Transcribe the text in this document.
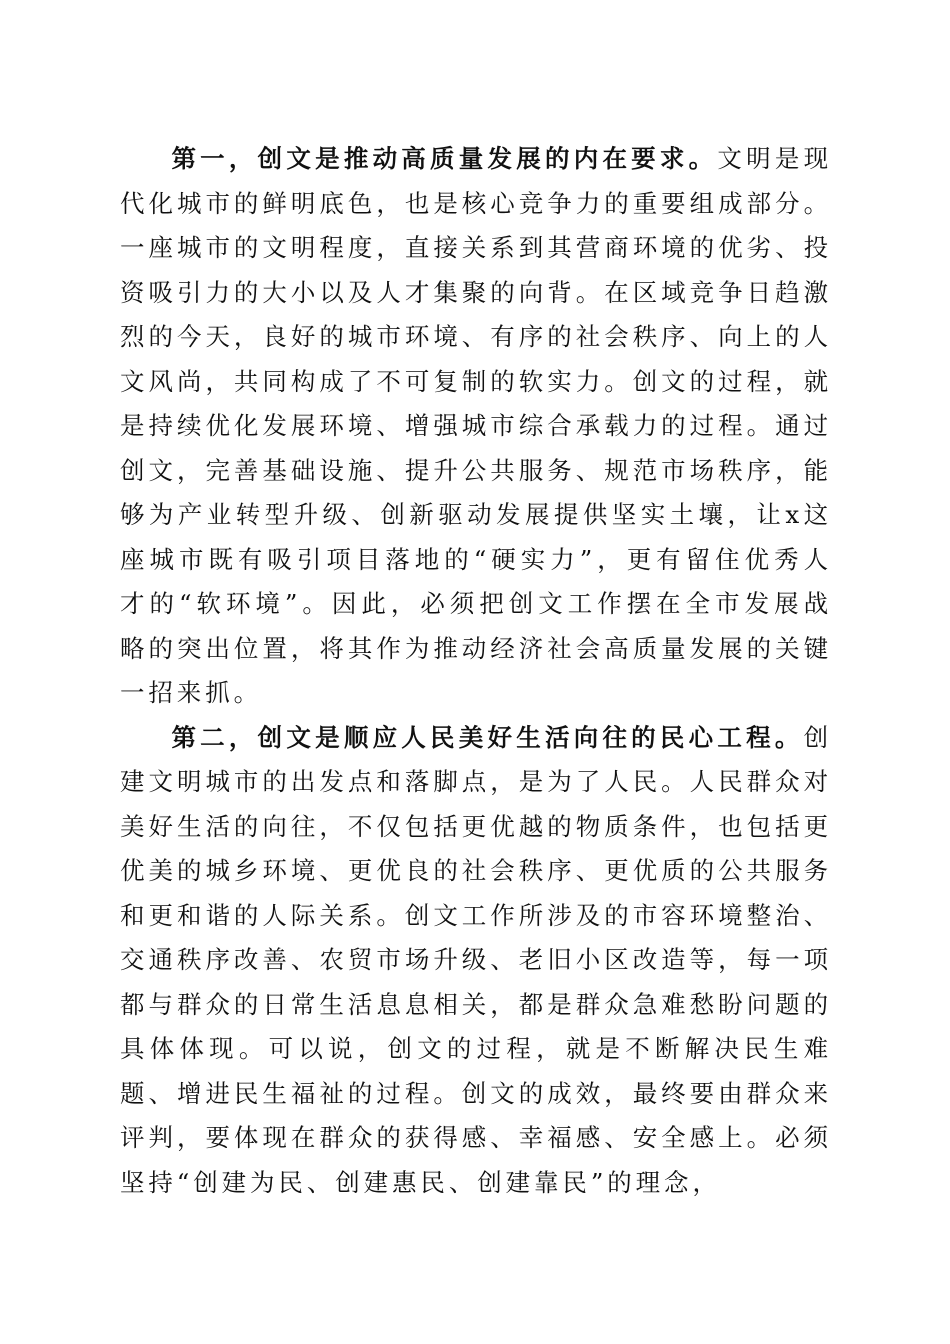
第一，创文是推动高质量发展的内在要求。文明是现代化城市的鲜明底色，也是核心竞争力的重要组成部分。一座城市的文明程度，直接关系到其营商环境的优劣、投资吸引力的大小以及人才集聚的向背。在区域竞争日趋激烈的今天，良好的城市环境、有序的社会秩序、向上的人文风尚，共同构成了不可复制的软实力。创文的过程，就是持续优化发展环境、增强城市综合承载力的过程。通过创文，完善基础设施、提升公共服务、规范市场秩序，能够为产业转型升级、创新驱动发展提供坚实土壤，让x这座城市既有吸引项目落地的“硬实力”，更有留住优秀人才的“软环境”。因此，必须把创文工作摆在全市发展战略的突出位置，将其作为推动经济社会高质量发展的关键一招来抓。

第二，创文是顺应人民美好生活向往的民心工程。创建文明城市的出发点和落脚点，是为了人民。人民群众对美好生活的向往，不仅包括更优越的物质条件，也包括更优美的城乡环境、更优良的社会秩序、更优质的公共服务和更和谐的人际关系。创文工作所涉及的市容环境整治、交通秩序改善、农贸市场升级、老旧小区改造等，每一项都与群众的日常生活息息相关，都是群众急难愁盼问题的具体体现。可以说，创文的过程，就是不断解决民生难题、增进民生福祉的过程。创文的成效，最终要由群众来评判，要体现在群众的获得感、幸福感、安全感上。必须坚持“创建为民、创建惠民、创建靠民”的理念，
